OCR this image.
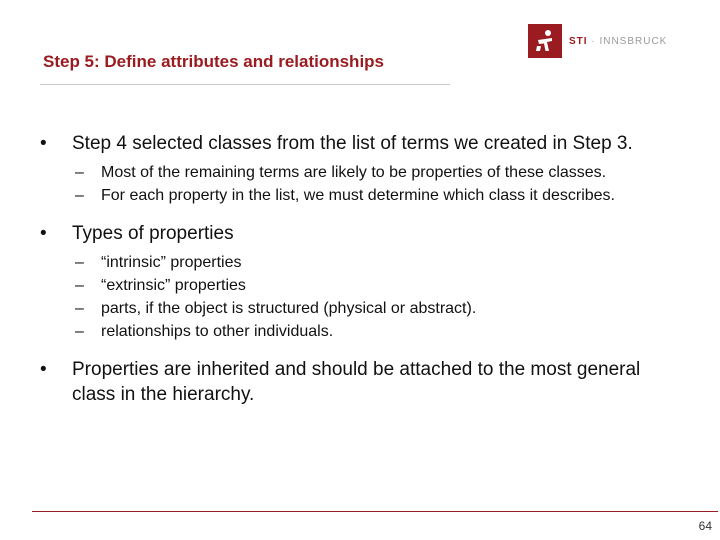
Step 5: Define attributes and relationships
STI · INNSBRUCK
• Step 4 selected classes from the list of terms we created in Step 3.
– Most of the remaining terms are likely to be properties of these classes.
– For each property in the list, we must determine which class it describes.
• Types of properties
– “intrinsic” properties
– “extrinsic” properties
– parts, if the object is structured (physical or abstract).
– relationships to other individuals.
• Properties are inherited and should be attached to the most general class in the hierarchy.
64
